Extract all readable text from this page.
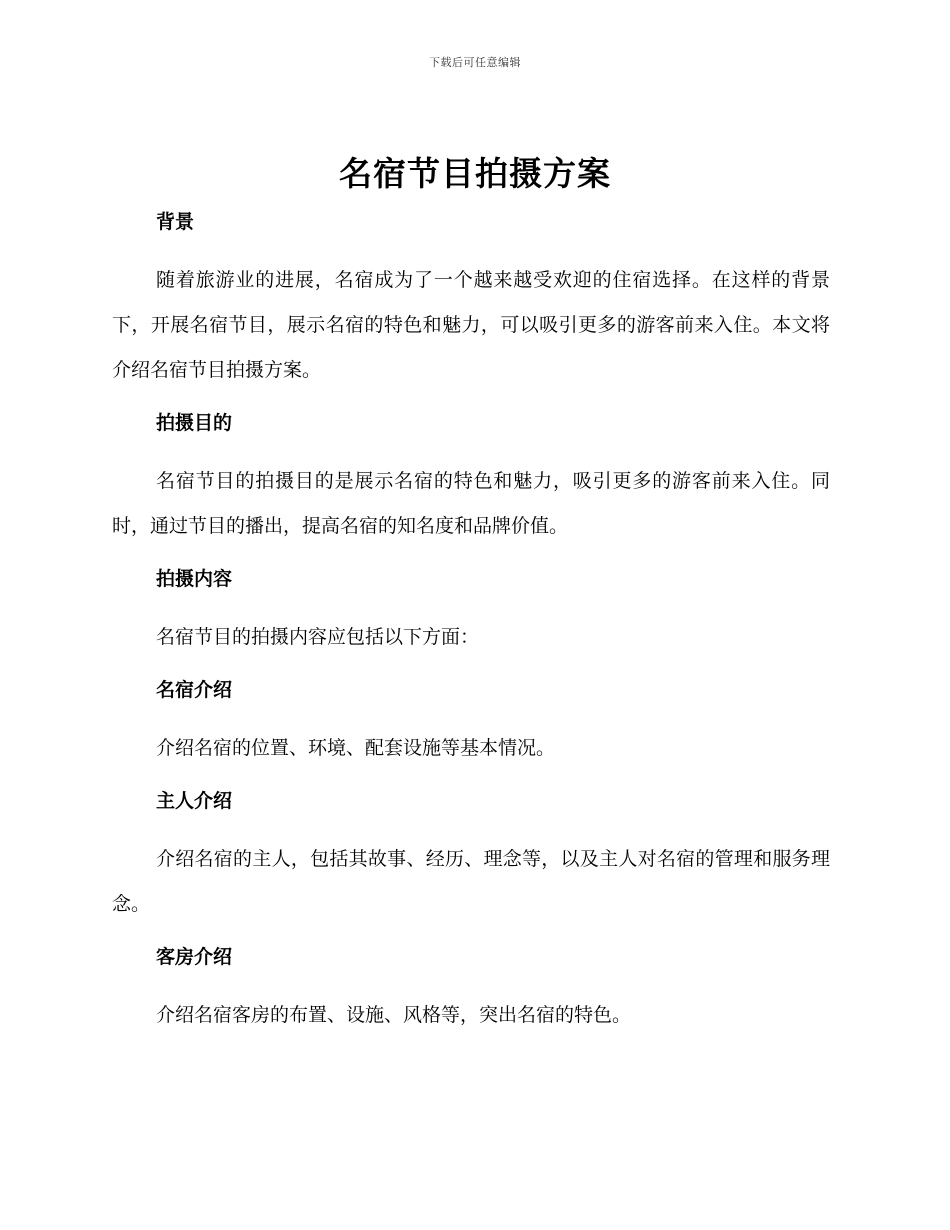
下载后可任意编辑
名宿节目拍摄方案
背景

随着旅游业的进展，名宿成为了一个越来越受欢迎的住宿选择。在这样的背景下，开展名宿节目，展示名宿的特色和魅力，可以吸引更多的游客前来入住。本文将介绍名宿节目拍摄方案。

拍摄目的

名宿节目的拍摄目的是展示名宿的特色和魅力，吸引更多的游客前来入住。同时，通过节目的播出，提高名宿的知名度和品牌价值。

拍摄内容

名宿节目的拍摄内容应包括以下方面：

名宿介绍

介绍名宿的位置、环境、配套设施等基本情况。

主人介绍

介绍名宿的主人，包括其故事、经历、理念等，以及主人对名宿的管理和服务理念。

客房介绍

介绍名宿客房的布置、设施、风格等，突出名宿的特色。
